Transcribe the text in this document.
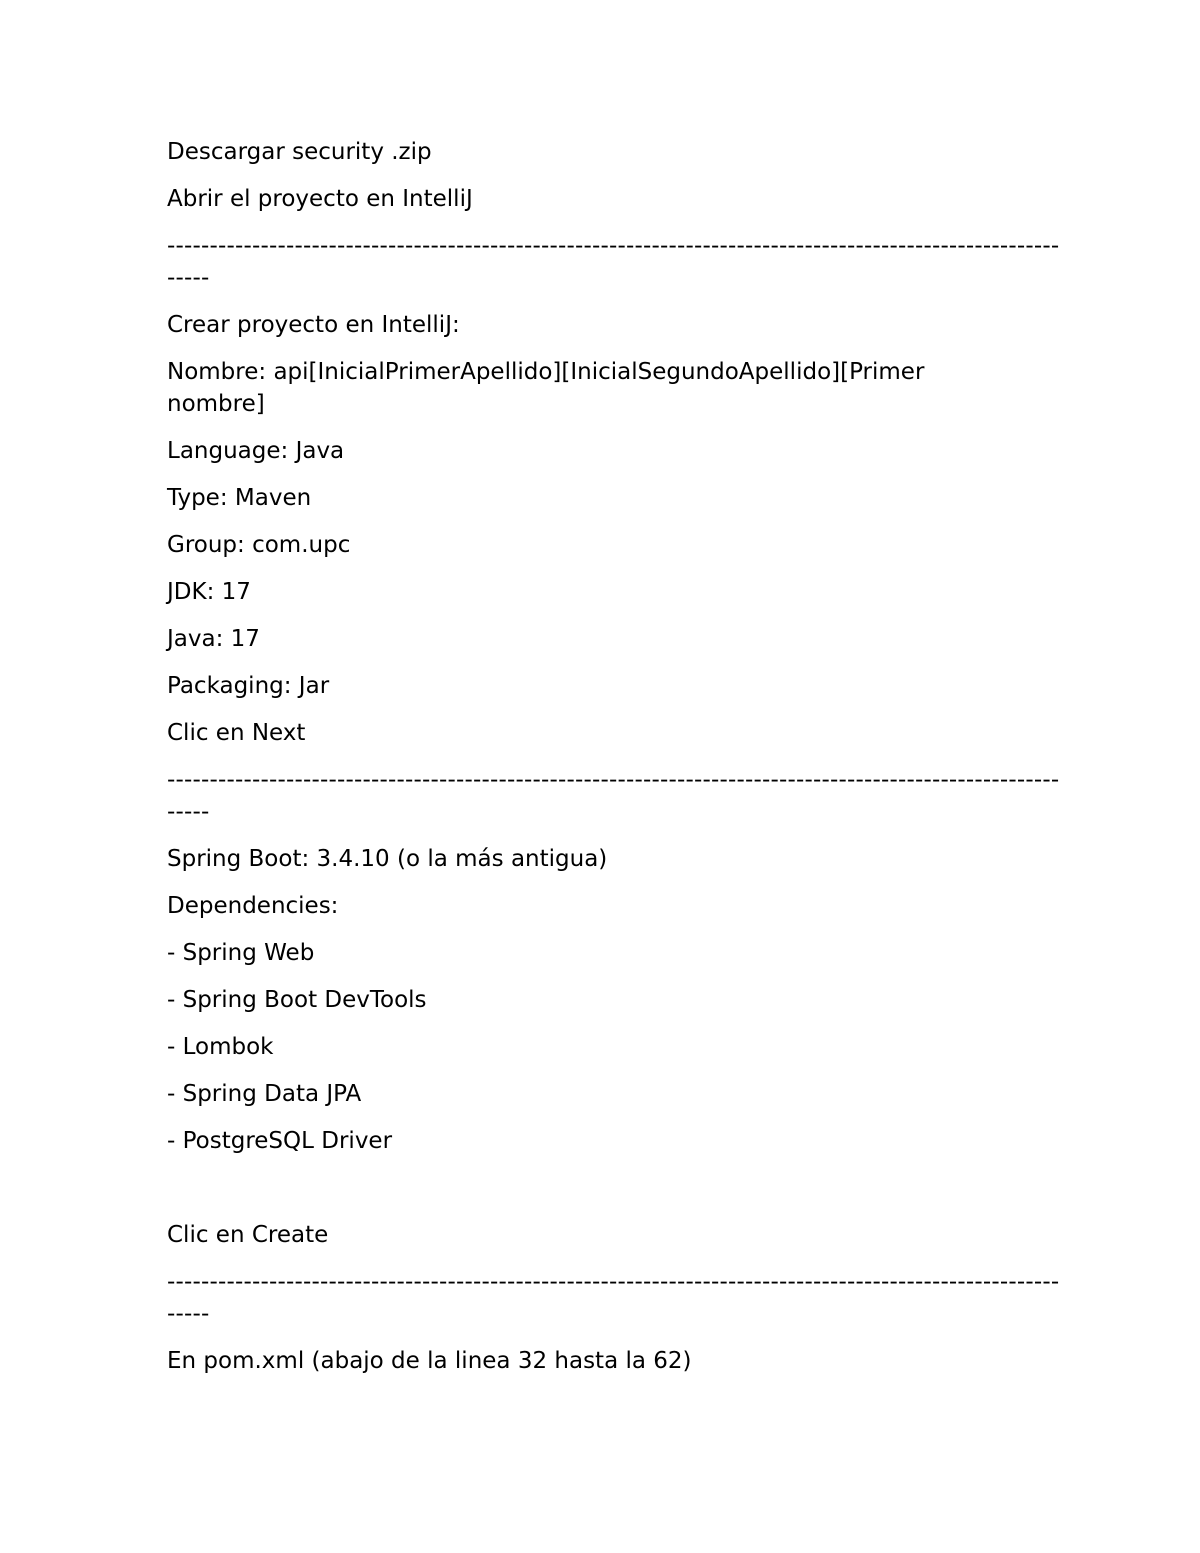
Descargar security .zip

Abrir el proyecto en IntelliJ

---------------------------------------------------------------------------------------------------------
-----

Crear proyecto en IntelliJ:

Nombre: api[InicialPrimerApellido][InicialSegundoApellido][Primer nombre]

Language: Java

Type: Maven

Group: com.upc

JDK: 17

Java: 17

Packaging: Jar

Clic en Next

---------------------------------------------------------------------------------------------------------
-----

Spring Boot: 3.4.10 (o la más antigua)

Dependencies:

- Spring Web

- Spring Boot DevTools

- Lombok

- Spring Data JPA

- PostgreSQL Driver

Clic en Create

---------------------------------------------------------------------------------------------------------
-----

En pom.xml (abajo de la linea 32 hasta la 62)
